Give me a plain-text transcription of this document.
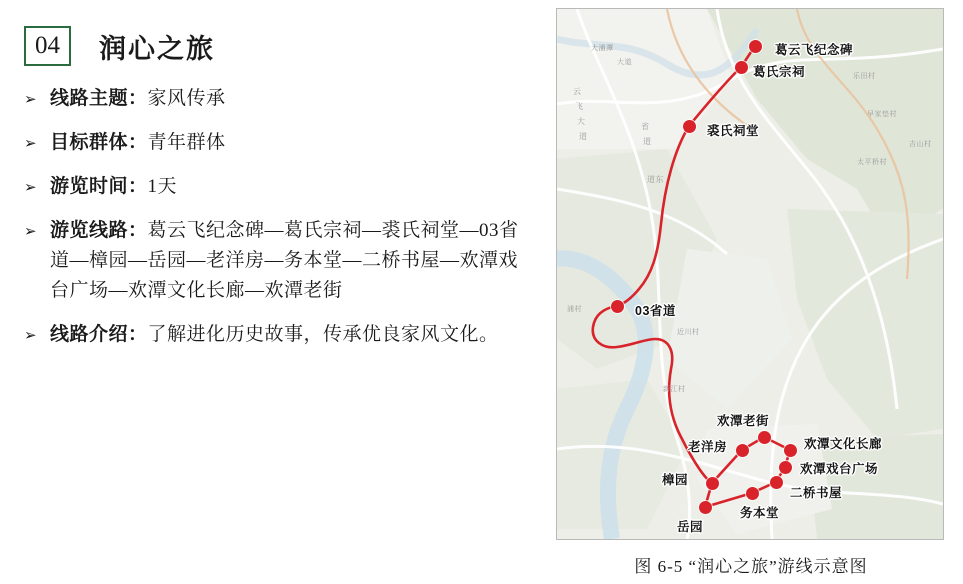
04	润心之旅
➢ 线路主题：家风传承
➢ 目标群体：青年群体
➢ 游览时间：1天
➢ 游览线路：葛云飞纪念碑—葛氏宗祠—裘氏祠堂—03省道—樟园—岳园—老洋房—务本堂—二桥书屋—欢潭戏台广场—欢潭文化长廊—欢潭老街
➢ 线路介绍：了解进化历史故事，传承优良家风文化。
葛云飞纪念碑
葛氏宗祠
裘氏祠堂
03省道
欢潭老街
欢潭文化长廊
欢潭戏台广场
老洋房
二桥书屋
务本堂
樟园
岳园
大浦潭
云
飞
大
道
省
道
道东
浦村
近川村
新江村
早家垫村
吉山村
太平桥村
乐田村
大道
图 6-5 “润心之旅”游线示意图
